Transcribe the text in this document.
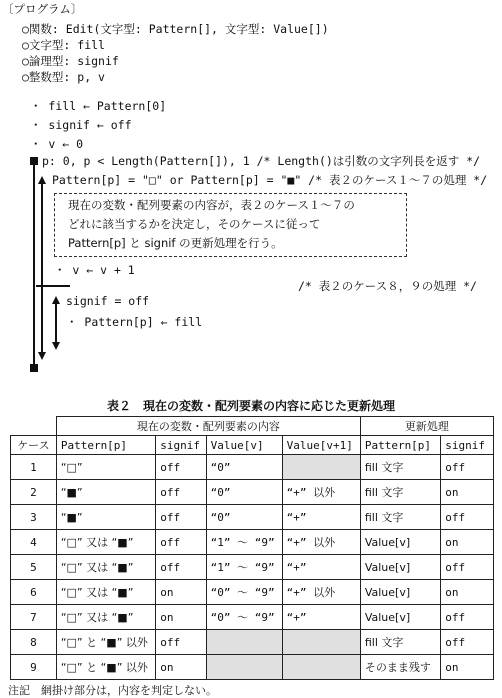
〔プログラム〕
○関数: Edit(文字型: Pattern[], 文字型: Value[])
○文字型: fill
○論理型: signif
○整数型: p, v
・ fill ← Pattern[0]
・ signif ← off
・ v ← 0
p: 0, p < Length(Pattern[]), 1 /* Length()は引数の文字列長を返す */
Pattern[p] = "□" or Pattern[p] = "■" /* 表２のケース１～７の処理 */
現在の変数・配列要素の内容が，表２のケース１～７の
どれに該当するかを決定し，そのケースに従って
Pattern[p] と signif の更新処理を行う。
・ v ← v + 1
/* 表２のケース８，９の処理 */
signif = off
・ Pattern[p] ← fill
表２　現在の変数・配列要素の内容に応じた更新処理
	現在の変数・配列要素の内容				更新処理	
ケース	Pattern[p]	signif	Value[v]	Value[v+1]	Pattern[p]	signif
1	“□”	off	“0”		fill 文字	off
2	“■”	off	“0”	“+” 以外	fill 文字	on
3	“■”	off	“0”	“+”	fill 文字	off
4	“□” 又は “■”	off	“1” ～ “9”	“+” 以外	Value[v]	on
5	“□” 又は “■”	off	“1” ～ “9”	“+”	Value[v]	off
6	“□” 又は “■”	on	“0” ～ “9”	“+” 以外	Value[v]	on
7	“□” 又は “■”	on	“0” ～ “9”	“+”	Value[v]	off
8	“□” と “■” 以外	off			fill 文字	off
9	“□” と “■” 以外	on			そのまま残す	on
注記　網掛け部分は，内容を判定しない。
